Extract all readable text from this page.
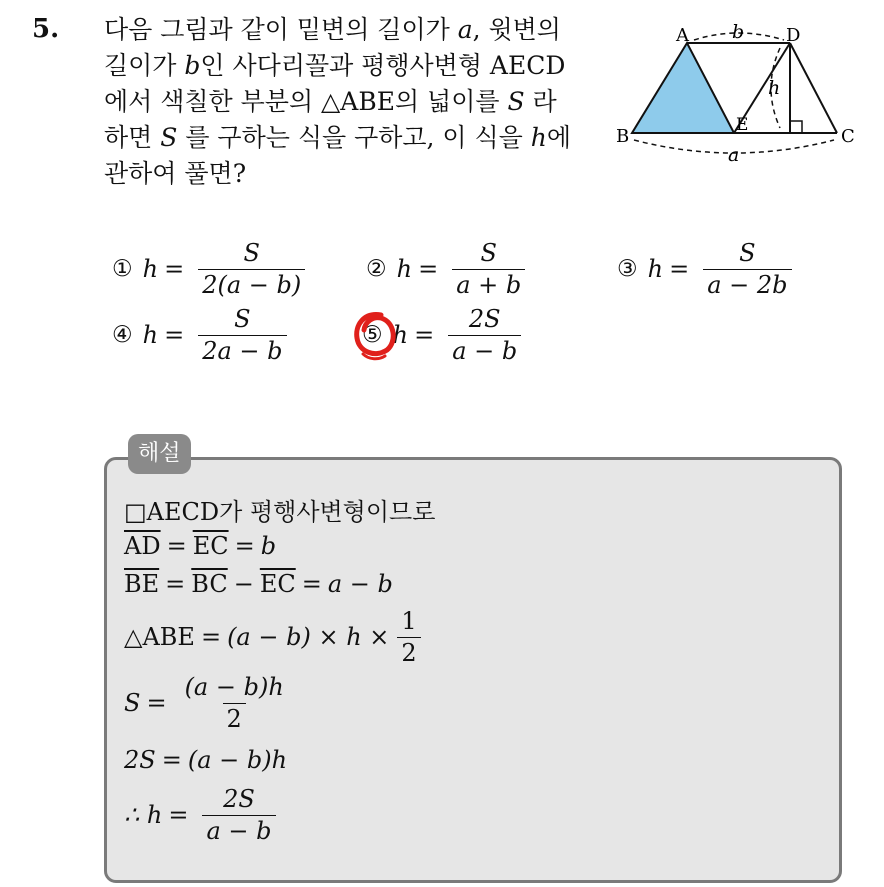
5. 다음 그림과 같이 밑변의 길이가 a, 윗변의

길이가 b인 사다리꼴과 평행사변형 AECD

에서 색칠한 부분의 △ABE의 넓이를 S 라

하면 S 를 구하는 식을 구하고, 이 식을 h에

관하여 풀면?

A	D
B
E
C
b
h
a
① $h = \frac{S}{2(a - b)}$	② $h = \frac{S}{a + b}$	③ $h = \frac{S}{a - 2b}$
④ $h = \frac{S}{2a - b}$	⑤ $h = \frac{2S}{a - b}$
해설
□AECD가 평행사변형이므로
$\overline{AD} = \overline{EC} = b$
$\overline{BE} = \overline{BC} - \overline{EC} = a - b$
△ABE = $(a - b) \times h \times \frac{1}{2}$
$S = \frac{(a - b)h}{2}$
2S = (a − b)h
∴ $h = \frac{2S}{a - b}$
